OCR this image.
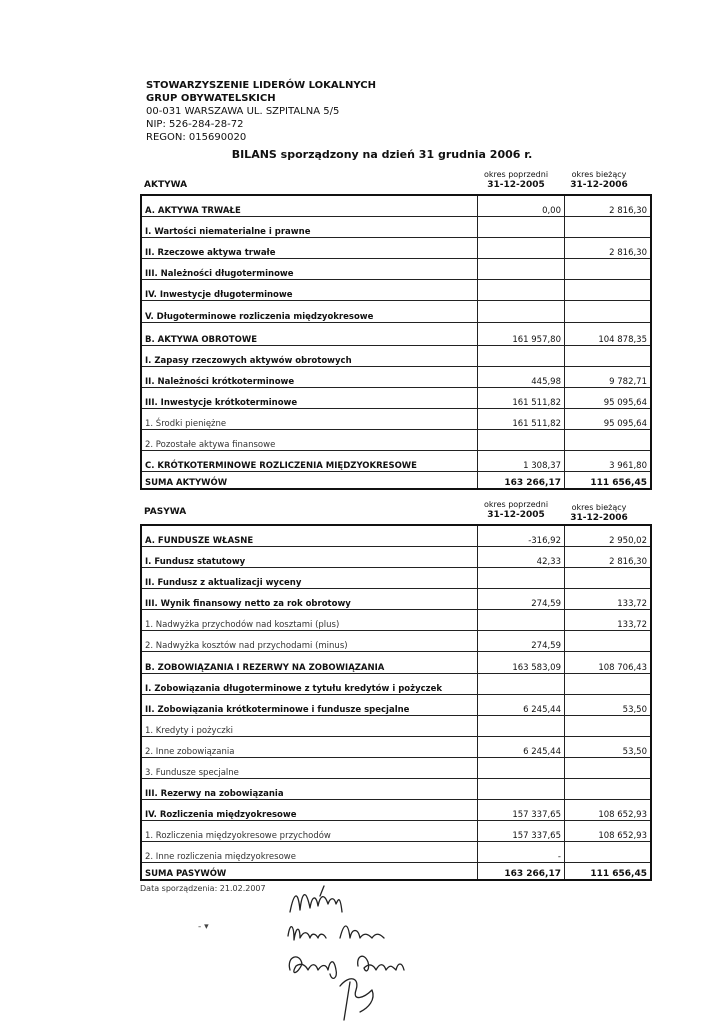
STOWARZYSZENIE LIDERÓW LOKALNYCH
GRUP OBYWATELSKICH
00-031 WARSZAWA UL. SZPITALNA 5/5
NIP: 526-284-28-72
REGON: 015690020
BILANS sporządzony na dzień 31 grudnia 2006 r.
AKTYWA
okres poprzedni
31-12-2005
okres bieżący
31-12-2006
A. AKTYWA TRWAŁE	0,00	2 816,30
I. Wartości niematerialne i prawne		
II. Rzeczowe aktywa trwałe		2 816,30
III. Należności długoterminowe		
IV. Inwestycje długoterminowe		
V. Długoterminowe rozliczenia międzyokresowe		
B. AKTYWA OBROTOWE	161 957,80	104 878,35
I. Zapasy rzeczowych aktywów obrotowych		
II. Należności krótkoterminowe	445,98	9 782,71
III. Inwestycje krótkoterminowe	161 511,82	95 095,64
1. Środki pieniężne	161 511,82	95 095,64
2. Pozostałe aktywa finansowe		
C. KRÓTKOTERMINOWE ROZLICZENIA MIĘDZYOKRESOWE	1 308,37	3 961,80
SUMA AKTYWÓW	163 266,17	111 656,45
PASYWA
okres poprzedni
31-12-2005
okres bieżący
31-12-2006
A. FUNDUSZE WŁASNE	-316,92	2 950,02
I. Fundusz statutowy	42,33	2 816,30
II. Fundusz z aktualizacji wyceny		
III. Wynik finansowy netto za rok obrotowy	274,59	133,72
1. Nadwyżka przychodów nad kosztami (plus)		133,72
2. Nadwyżka kosztów nad przychodami (minus)	274,59	
B. ZOBOWIĄZANIA I REZERWY NA ZOBOWIĄZANIA	163 583,09	108 706,43
I. Zobowiązania długoterminowe z tytułu kredytów i pożyczek		
II. Zobowiązania krótkoterminowe i fundusze specjalne	6 245,44	53,50
1. Kredyty i pożyczki		
2. Inne zobowiązania	6 245,44	53,50
3. Fundusze specjalne		
III. Rezerwy na zobowiązania		
IV. Rozliczenia międzyokresowe	157 337,65	108 652,93
1. Rozliczenia międzyokresowe przychodów	157 337,65	108 652,93
2. Inne rozliczenia międzyokresowe	-	
SUMA PASYWÓW	163 266,17	111 656,45
Data sporządzenia: 21.02.2007
- ▾
